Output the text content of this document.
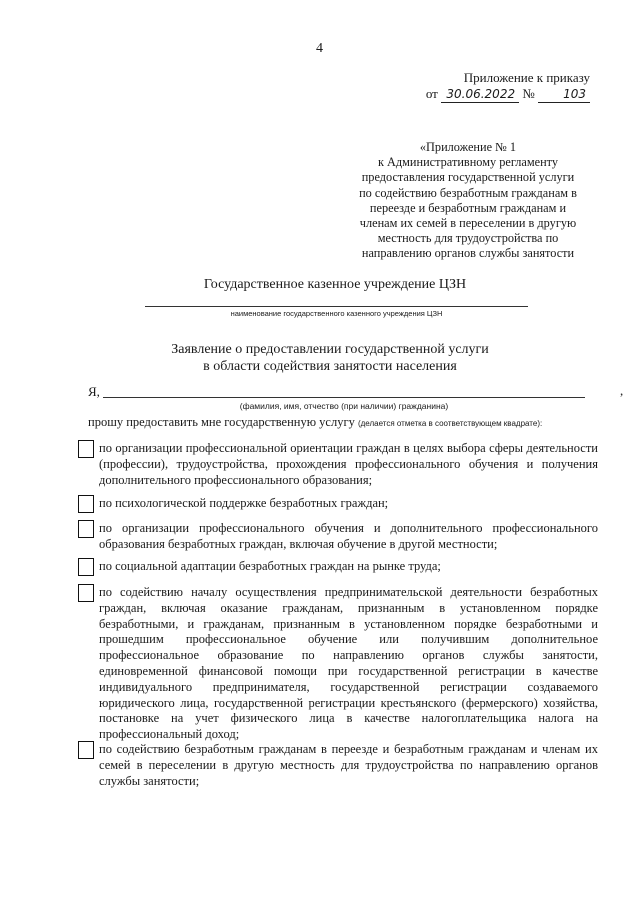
4
Приложение к приказу
от 30.06.2022 № 103
«Приложение № 1
к Административному регламенту
предоставления государственной услуги
по содействию безработным гражданам в
переезде и безработным гражданам и
членам их семей в переселении в другую
местность для трудоустройства по
направлению органов службы занятости
Государственное казенное учреждение ЦЗН
наименование государственного казенного учреждения ЦЗН
Заявление о предоставлении государственной услуги
в области содействия занятости населения
Я,	,
(фамилия, имя, отчество (при наличии) гражданина)
прошу предоставить мне государственную услугу (делается отметка в соответствующем квадрате):
по организации профессиональной ориентации граждан в целях выбора сферы деятельности (профессии), трудоустройства, прохождения профессионального обучения и получения дополнительного профессионального образования;
по психологической поддержке безработных граждан;
по организации профессионального обучения и дополнительного профессионального образования безработных граждан, включая обучение в другой местности;
по социальной адаптации безработных граждан на рынке труда;
по содействию началу осуществления предпринимательской деятельности безработных граждан, включая оказание гражданам, признанным в установленном порядке безработными, и гражданам, признанным в установленном порядке безработными и прошедшим профессиональное обучение или получившим дополнительное профессиональное образование по направлению органов службы занятости, единовременной финансовой помощи при государственной регистрации в качестве индивидуального предпринимателя, государственной регистрации создаваемого юридического лица, государственной регистрации крестьянского (фермерского) хозяйства, постановке на учет физического лица в качестве налогоплательщика налога на профессиональный доход;
по содействию безработным гражданам в переезде и безработным гражданам и членам их семей в переселении в другую местность для трудоустройства по направлению органов службы занятости;
